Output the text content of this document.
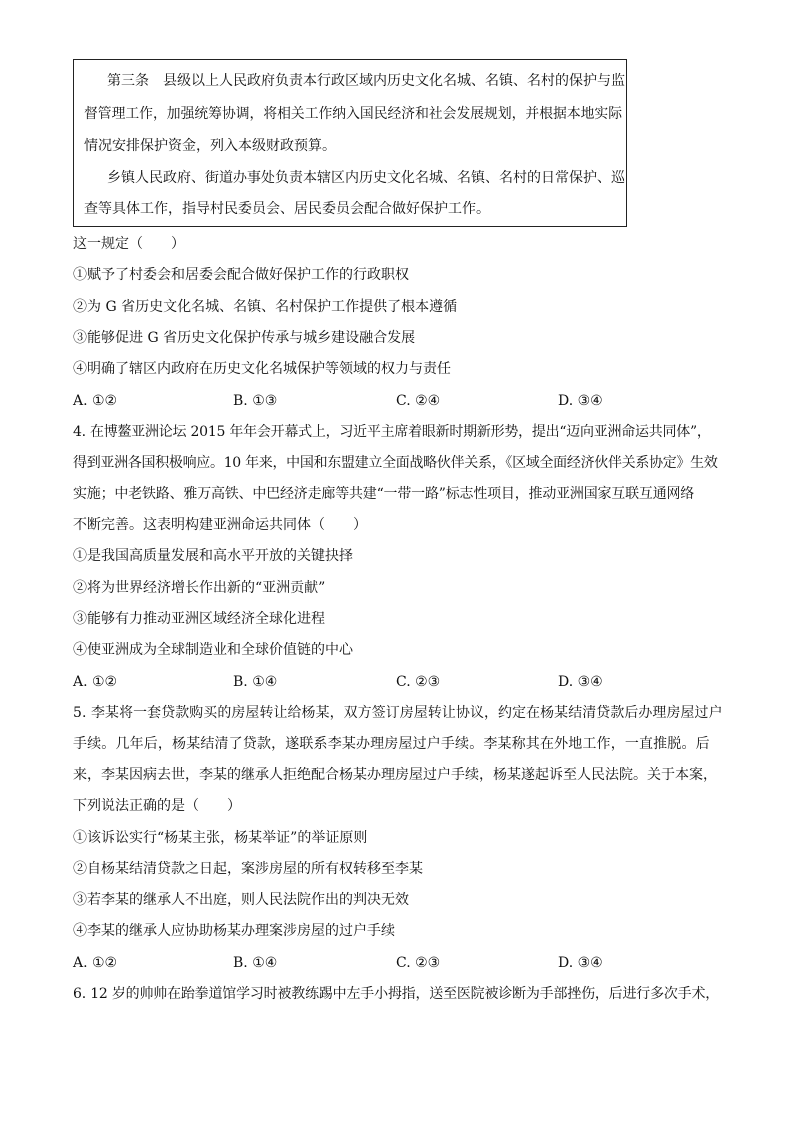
第三条　县级以上人民政府负责本行政区域内历史文化名城、名镇、名村的保护与监
督管理工作，加强统筹协调，将相关工作纳入国民经济和社会发展规划，并根据本地实际
情况安排保护资金，列入本级财政预算。
乡镇人民政府、街道办事处负责本辖区内历史文化名城、名镇、名村的日常保护、巡
查等具体工作，指导村民委员会、居民委员会配合做好保护工作。
这一规定（　　）
①赋予了村委会和居委会配合做好保护工作的行政职权
②为 G 省历史文化名城、名镇、名村保护工作提供了根本遵循
③能够促进 G 省历史文化保护传承与城乡建设融合发展
④明确了辖区内政府在历史文化名城保护等领域的权力与责任
A. ①②	B. ①③	C. ②④	D. ③④
4. 在博鳌亚洲论坛 2015 年年会开幕式上，习近平主席着眼新时期新形势，提出“迈向亚洲命运共同体”，
得到亚洲各国积极响应。10 年来，中国和东盟建立全面战略伙伴关系，《区域全面经济伙伴关系协定》生效
实施；中老铁路、雅万高铁、中巴经济走廊等共建“一带一路”标志性项目，推动亚洲国家互联互通网络
不断完善。这表明构建亚洲命运共同体（　　）
①是我国高质量发展和高水平开放的关键抉择
②将为世界经济增长作出新的“亚洲贡献”
③能够有力推动亚洲区域经济全球化进程
④使亚洲成为全球制造业和全球价值链的中心
A. ①②	B. ①④	C. ②③	D. ③④
5. 李某将一套贷款购买的房屋转让给杨某，双方签订房屋转让协议，约定在杨某结清贷款后办理房屋过户
手续。几年后，杨某结清了贷款，遂联系李某办理房屋过户手续。李某称其在外地工作，一直推脱。后
来，李某因病去世，李某的继承人拒绝配合杨某办理房屋过户手续，杨某遂起诉至人民法院。关于本案，
下列说法正确的是（　　）
①该诉讼实行“杨某主张，杨某举证”的举证原则
②自杨某结清贷款之日起，案涉房屋的所有权转移至李某
③若李某的继承人不出庭，则人民法院作出的判决无效
④李某的继承人应协助杨某办理案涉房屋的过户手续
A. ①②	B. ①④	C. ②③	D. ③④
6. 12 岁的帅帅在跆拳道馆学习时被教练踢中左手小拇指，送至医院被诊断为手部挫伤，后进行多次手术，
